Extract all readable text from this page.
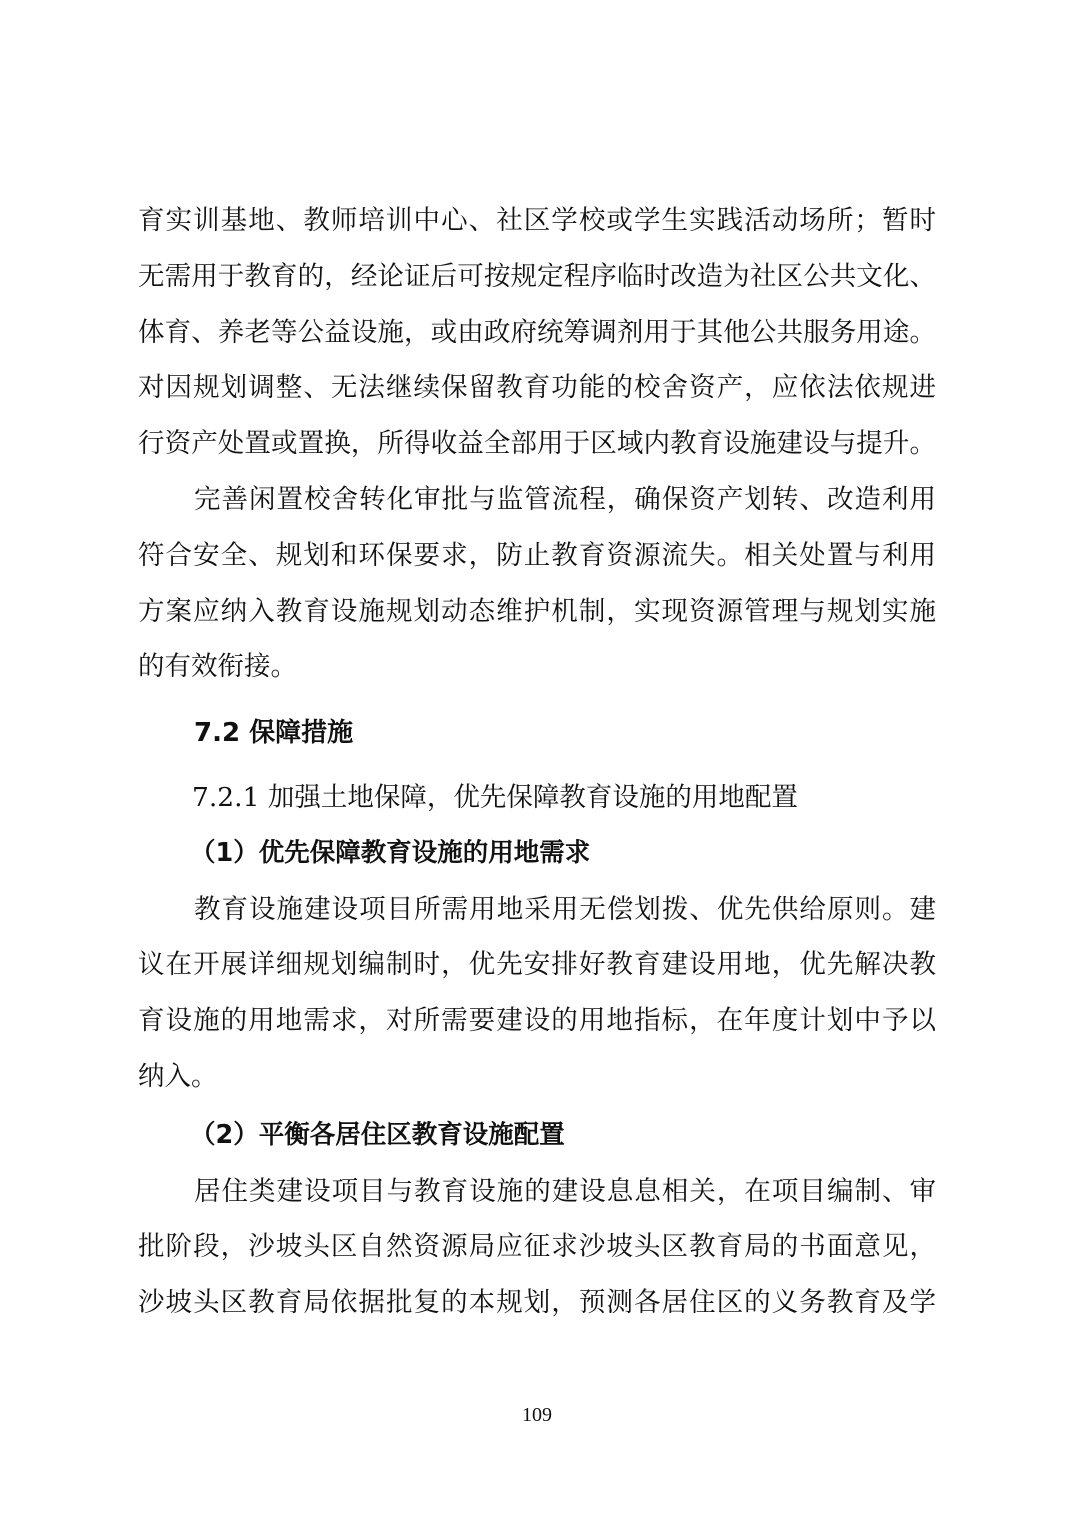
育实训基地、教师培训中心、社区学校或学生实践活动场所；暂时
无需用于教育的，经论证后可按规定程序临时改造为社区公共文化、
体育、养老等公益设施，或由政府统筹调剂用于其他公共服务用途。
对因规划调整、无法继续保留教育功能的校舍资产，应依法依规进
行资产处置或置换，所得收益全部用于区域内教育设施建设与提升。
完善闲置校舍转化审批与监管流程，确保资产划转、改造利用
符合安全、规划和环保要求，防止教育资源流失。相关处置与利用
方案应纳入教育设施规划动态维护机制，实现资源管理与规划实施
的有效衔接。
7.2 保障措施
7.2.1 加强土地保障，优先保障教育设施的用地配置
（1）优先保障教育设施的用地需求
教育设施建设项目所需用地采用无偿划拨、优先供给原则。建
议在开展详细规划编制时，优先安排好教育建设用地，优先解决教
育设施的用地需求，对所需要建设的用地指标，在年度计划中予以
纳入。
（2）平衡各居住区教育设施配置
居住类建设项目与教育设施的建设息息相关，在项目编制、审
批阶段，沙坡头区自然资源局应征求沙坡头区教育局的书面意见，
沙坡头区教育局依据批复的本规划，预测各居住区的义务教育及学
109
